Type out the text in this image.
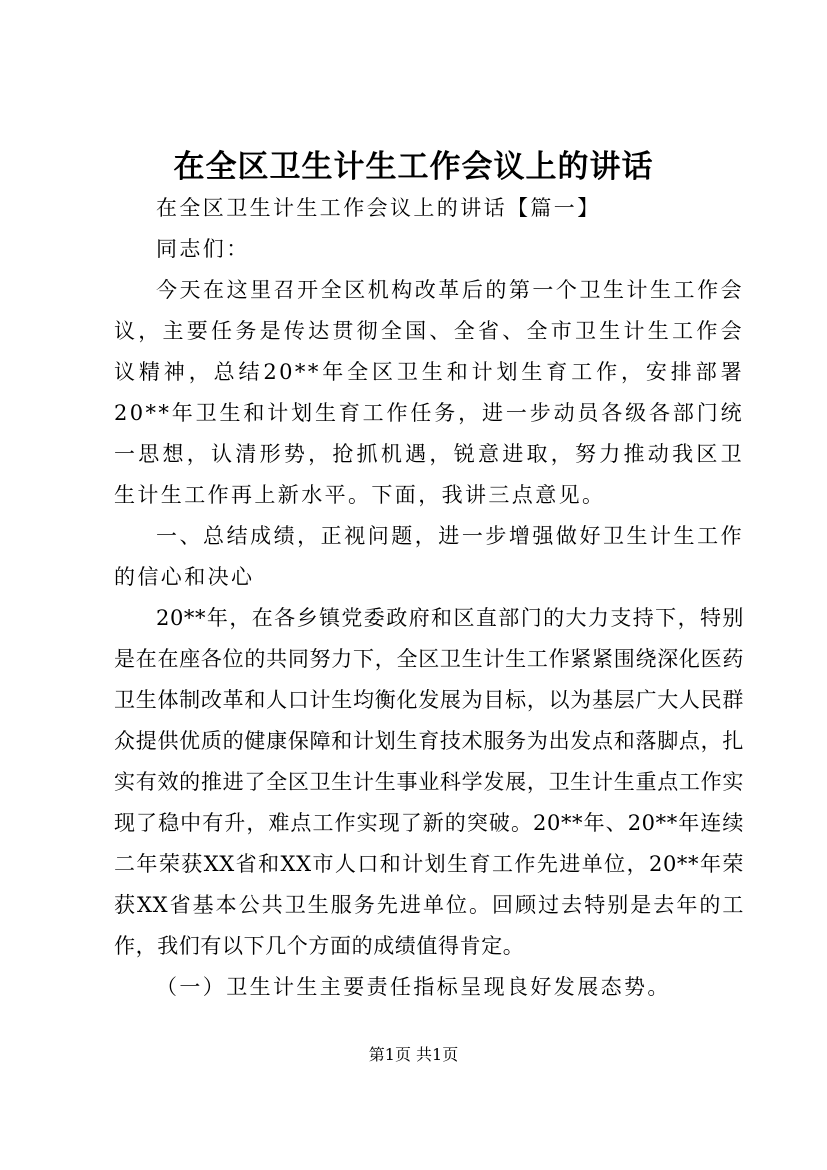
在全区卫生计生工作会议上的讲话

在全区卫生计生工作会议上的讲话【篇一】

同志们：

今天在这里召开全区机构改革后的第一个卫生计生工作会议，主要任务是传达贯彻全国、全省、全市卫生计生工作会议精神，总结20**年全区卫生和计划生育工作，安排部署20**年卫生和计划生育工作任务，进一步动员各级各部门统一思想，认清形势，抢抓机遇，锐意进取，努力推动我区卫生计生工作再上新水平。下面，我讲三点意见。

一、总结成绩，正视问题，进一步增强做好卫生计生工作的信心和决心

20**年，在各乡镇党委政府和区直部门的大力支持下，特别是在在座各位的共同努力下，全区卫生计生工作紧紧围绕深化医药卫生体制改革和人口计生均衡化发展为目标，以为基层广大人民群众提供优质的健康保障和计划生育技术服务为出发点和落脚点，扎实有效的推进了全区卫生计生事业科学发展，卫生计生重点工作实现了稳中有升，难点工作实现了新的突破。20**年、20**年连续二年荣获XX省和XX市人口和计划生育工作先进单位，20**年荣获XX省基本公共卫生服务先进单位。回顾过去特别是去年的工作，我们有以下几个方面的成绩值得肯定。

（一）卫生计生主要责任指标呈现良好发展态势。

第1页 共1页
